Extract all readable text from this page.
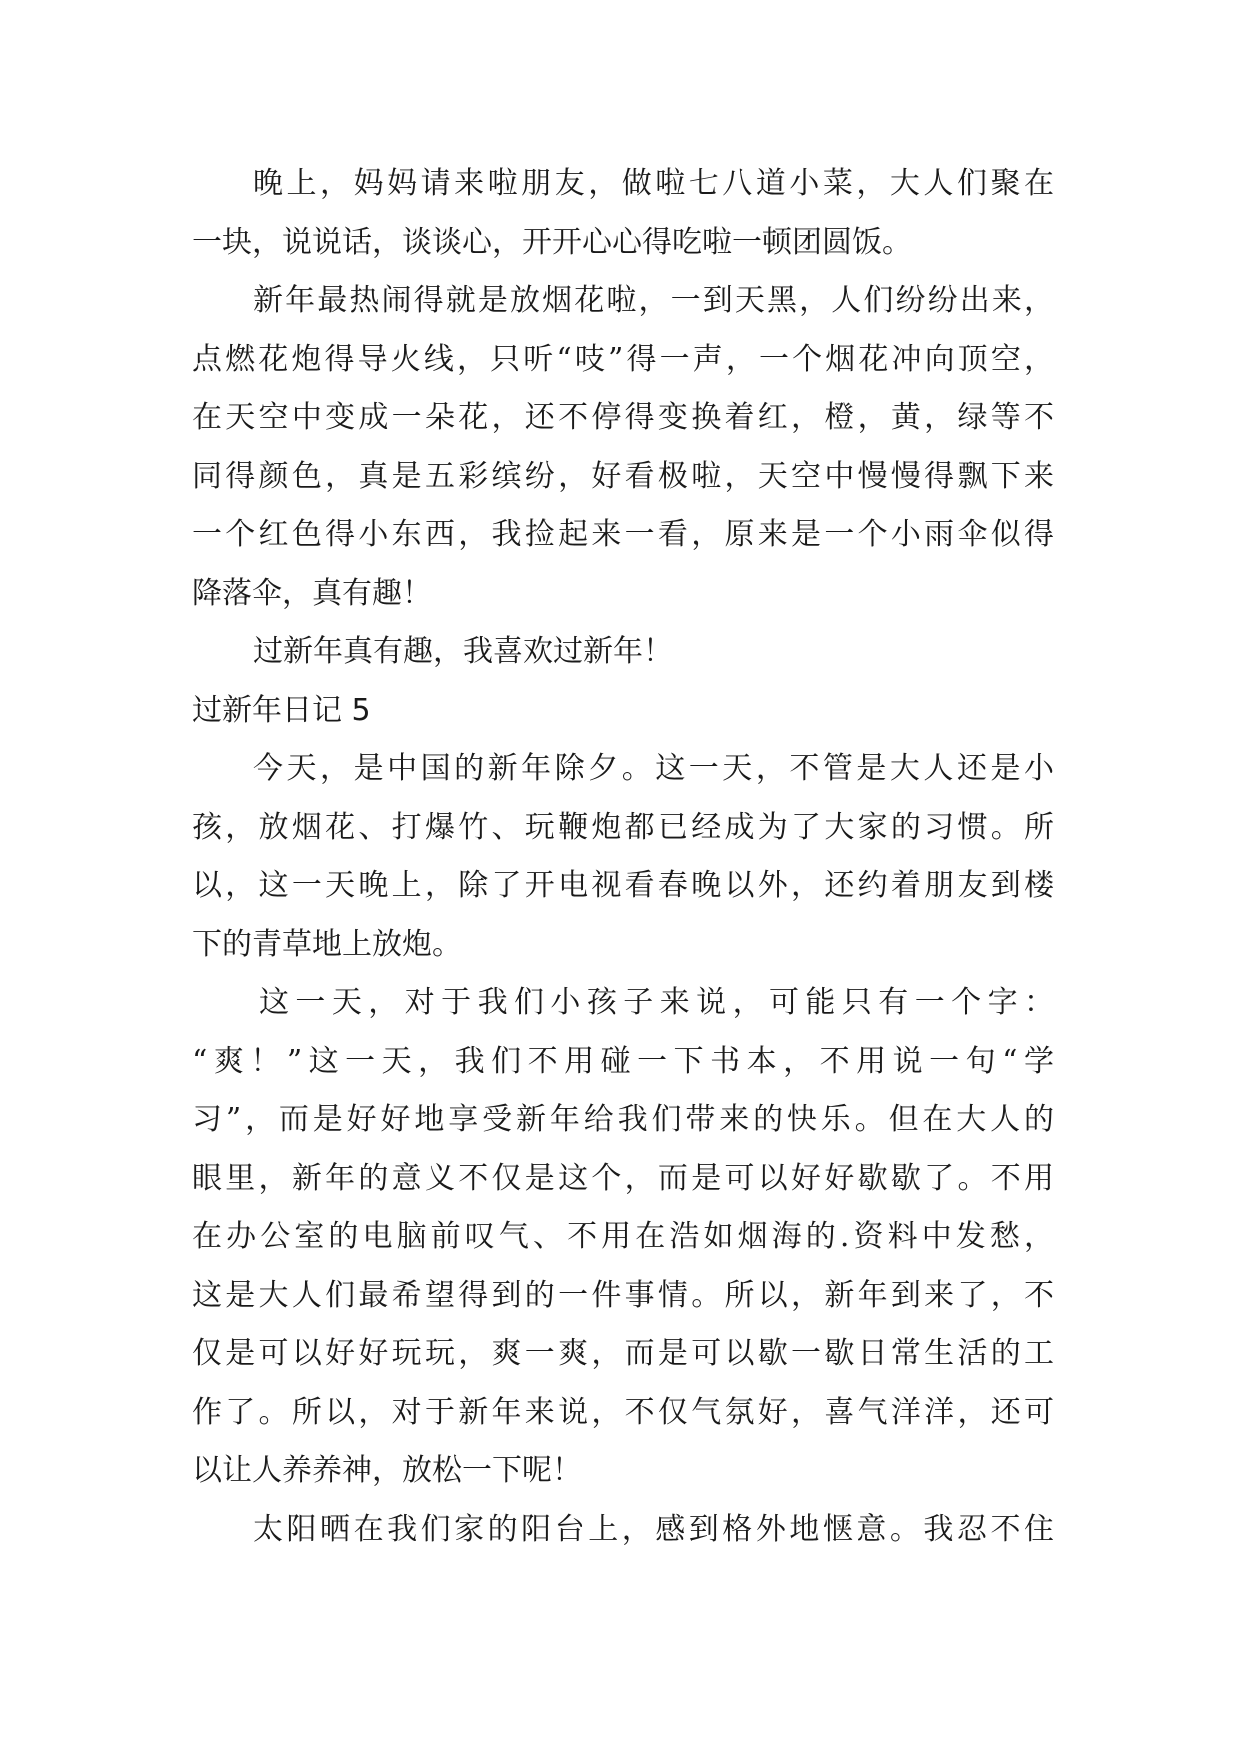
晚上，妈妈请来啦朋友，做啦七八道小菜，大人们聚在
一块，说说话，谈谈心，开开心心得吃啦一顿团圆饭。
新年最热闹得就是放烟花啦，一到天黑，人们纷纷出来，
点燃花炮得导火线，只听“吱”得一声，一个烟花冲向顶空，
在天空中变成一朵花，还不停得变换着红，橙，黄，绿等不
同得颜色，真是五彩缤纷，好看极啦，天空中慢慢得飘下来
一个红色得小东西，我捡起来一看，原来是一个小雨伞似得
降落伞，真有趣！
过新年真有趣，我喜欢过新年！
过新年日记 5
今天，是中国的新年除夕。这一天，不管是大人还是小
孩，放烟花、打爆竹、玩鞭炮都已经成为了大家的习惯。所
以，这一天晚上，除了开电视看春晚以外，还约着朋友到楼
下的青草地上放炮。
这一天，对于我们小孩子来说，可能只有一个字：
“爽！”这一天，我们不用碰一下书本，不用说一句“学
习”，而是好好地享受新年给我们带来的快乐。但在大人的
眼里，新年的意义不仅是这个，而是可以好好歇歇了。不用
在办公室的电脑前叹气、不用在浩如烟海的.资料中发愁，
这是大人们最希望得到的一件事情。所以，新年到来了，不
仅是可以好好玩玩，爽一爽，而是可以歇一歇日常生活的工
作了。所以，对于新年来说，不仅气氛好，喜气洋洋，还可
以让人养养神，放松一下呢！
太阳晒在我们家的阳台上，感到格外地惬意。我忍不住
